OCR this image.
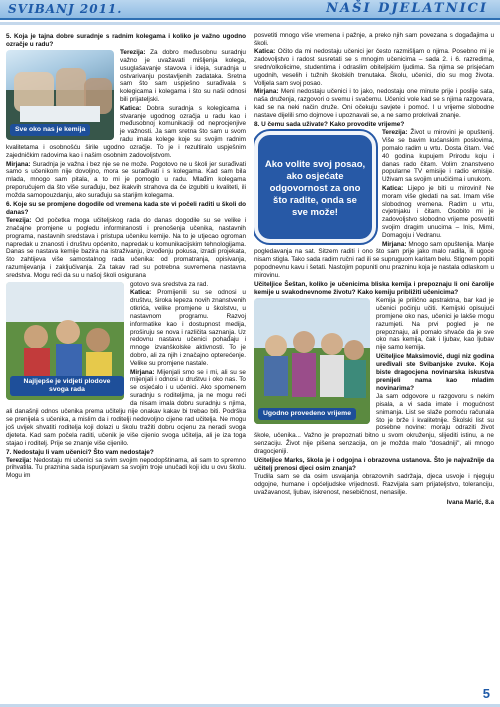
SVIBANJ 2011.	NAŠI DJELATNICI
5. Koja je tajna dobre suradnje s radnim kolegama i koliko je važno ugodno ozračje u radu?
Sve oko nas je kemija
Terezija: Za dobro međusobnu suradnju važno je uvažavati mišljenja kolega, usuglašavanje stavova i ideja, suradnja u ostvarivanju postavljenih zadataka. Sretna sam što sam uspješno surađivala s kolegicama i kolegama i što su naši odnosi bili prijateljski.
Katica: Dobra suradnja s kolegicama i stvaranje ugodnog ozračja u radu kao i međusobnoj komunikaciji od neprocjenjive je važnosti. Ja sam sretna što sam u svom radu imala kolege koje su svojim radnim kvalitetama i osobnošću širile ugodno ozračje. To je i rezultiralo uspješnim zajedničkim radovima kao i našim osobnim zadovoljstvom.
Mirjana: Suradnja je važna i bez nje se ne može. Pogotovo ne u školi jer surađivati samo s učenikom nije dovoljno, mora se surađivati i s kolegama. Kad sam bila mlada, mnogo sam pitala, a to mi je pomoglo u radu. Mlađim kolegama preporučujem da što više surađuju, bez ikakvih strahova da će izgubiti u kvaliteti, ili možda samopouzdanju, ako surađuju sa starijim kolegama.
6. Koje su se promjene dogodile od vremena kada ste vi počeli raditi u školi do danas?
Terezija: Od početka moga učiteljskog rada do danas dogodile su se velike i značajne promjene u pogledu informiranosti i prenošenja učenika, nastavnih programa, nastavnih sredstava i pristupa učeniku kemije. Na to je utjecao ogroman napredak u znanosti i društvu općenito, napredak u komunikacijskim tehnologijama. Danas se nastava kemije bazira na istraživanju, izvođenju pokusa, izradi projekata, što zahtijeva više samostalnog rada učenika: od promatranja, opisivanja, razumijevanja i zaključivanja. Za takav rad su potrebna suvremena nastavna sredstva. Mogu reći da su u našoj školi osigurana
Najljepše je vidjeti plodove svoga rada
gotovo sva sredstva za rad.
Katica: Promijenili su se odnosi u društvu, široka lepeza novih znanstvenih otkrića, velike promjene u školstvu, u nastavnom programu. Razvoj informatike kao i dostupnost medija, proširuju se nova i različita saznanja. Uz redovnu nastavu učenici pohađaju i mnoge izvanškolske aktivnosti. To je dobro, ali za njih i značajno opterećenje. Velike su promjene nastale.
Mirjana: Mijenjali smo se i mi, ali su se mijenjali i odnosi u društvu i oko nas. To se osjećalo i u učenici. Ako spomenem suradnju s roditeljima, ja ne mogu reći da nisam imala dobru suradnju s njima, ali današnji odnos učenika prema učitelju nije onakav kakav bi trebao biti. Podrška se prenijela s učenika, a mislim da i roditelji nedovoljno cijene rad učitelja. Ne mogu još uvijek shvatiti roditelja koji dolazi u školu tražiti dobru ocjenu za neradi svoga djeteta. Kad sam počela raditi, učenik je više cijenio svoga učitelja, ali je iza toga stajao i roditelj. Prije se znanje više cijenilo.
7. Nedostaju li vam učenici? Što vam nedostaje?
Terezija: Nedostaju mi učenici sa svim svojim nepodopštinama, ali sam to spremno prihvatila. Tu praznina sada ispunjavam sa svojim troje unučadi koji idu u ovu školu. Mogu im
posvetiti mnogo više vremena i pažnje, a preko njih sam povezana s događajima u školi.
Katica: Očito da mi nedostaju učenici jer često razmišljam o njima. Posebno mi je zadovoljstvo i radost susretati se s mnogim učenicima – sada 2. i 6. razredima, sredn/olkolicime, studentima i odraslim obiteljskim ljudima. Sa njima se prisjećam ugodnih, veselih i tužnih školskih trenutaka. Školu, učenici, dio su mog života. Volljela sam svoj posao.
Mirjana: Meni nedostaju učenici i to jako, nedostaju one minute prije i poslije sata, naša druženja, razgovori o svemu i svačemu. Učenici vole kad se s njima razgovara, kad se na neki način druže. Oni očekuju savjete i pomoć. I u vrijeme slobodne nastave dijelili smo dojmove i upoznavali se, a ne samo prokrivali znanje.
8. U čemu sada uživate? Kako provodite vrijeme?
Ako volite svoj posao, ako osjećate odgovornost za ono što radite, onda se sve može!
Terezija: Život u mirovini je opuštenij. Više se bavim kućanskim poslovima, pomalo radim u vrtu. Dosta čitam. Već 40 godina kupujem Prirodu koju i danas rado čitam. Volim znanstveno popularne TV emisije i radio emisije. Uživam sa svojim unučićima i unukom.
Katica: Lijepo je biti u mirovini! Ne moram više gledati na sat. Imam više slobodnog vremena. Radim u vrtu, cvjetnjaku i čitam. Osobito mi je zadovoljstvo slobodno vrijeme posvetiti svojim dragim unucima – Inis, Mimi, Domagoju i Vedranu.
Mirjana: Mnogo sam opuštenija. Manje pogledavanja na sat. Sitzem raditi i ono što sam prije jako malo radila, ili ugoce nisam stigla. Tako sada radim ručni rad ili se supruguom karitam belu. Stignem popiti popodnevnu kavu i šetati. Nastojim popuniti onu prazninu koja je nastala odlaskom u mirovinu.
Učiteljice Šeštan, koliko je učenicima bliska kemija i prepoznaju li oni čarolije kemije u svakodnevnome životu? Kako kemiju približiti učenicima?
Ugodno provedeno vrijeme
Kemija je prilično apstraktna, bar kad je učenici počinju učiti. Kemijski opisujući promjene oko nas, učenici je lakše mogu razumjeti. Na prvi pogled je ne prepoznaju, ali pomalo shvaće da je sve oko nas kemija, čak i ljubav, kao ljubav nije samo kemija.
Učiteljice Maksimović, dugi niz godina uređivali ste Svibanjske zvuke. Koja biste dragocjena novinarska iskustva prenijeli nama kao mladim novinarima?
Ja sam odgovore u razgovoru s nekim pisala, a vi sada imate i mogućnost snimanja. List se slaže pomoću računala što je brže i kvalitetnije. Školski list su posebne novine: moraju odraziti život škole, učenika... Važno je prepoznati bitno u svom okruženju, slijediti istinu, a ne senzaciju. Život nije pišena senzacija, on je možda malo "dosadniji", ali mnogo dragocjeniji.
Učiteljice Marks, škola je i odgojna i obrazovna ustanova. Što je najvažnije da učitelj prenosi djeci osim znanja?
Trudila sam se da osim usvajanja obrazovnih sadržaja, djeca usvoje i njeguju odgojne, humane i općeljudske vrijednosti. Razvijala sam prijateljstvo, toleranciju, uvažavanost, ljubav, iskrenost, nesebičnost, nenasilje.
Ivana Marić, 8.a
5
